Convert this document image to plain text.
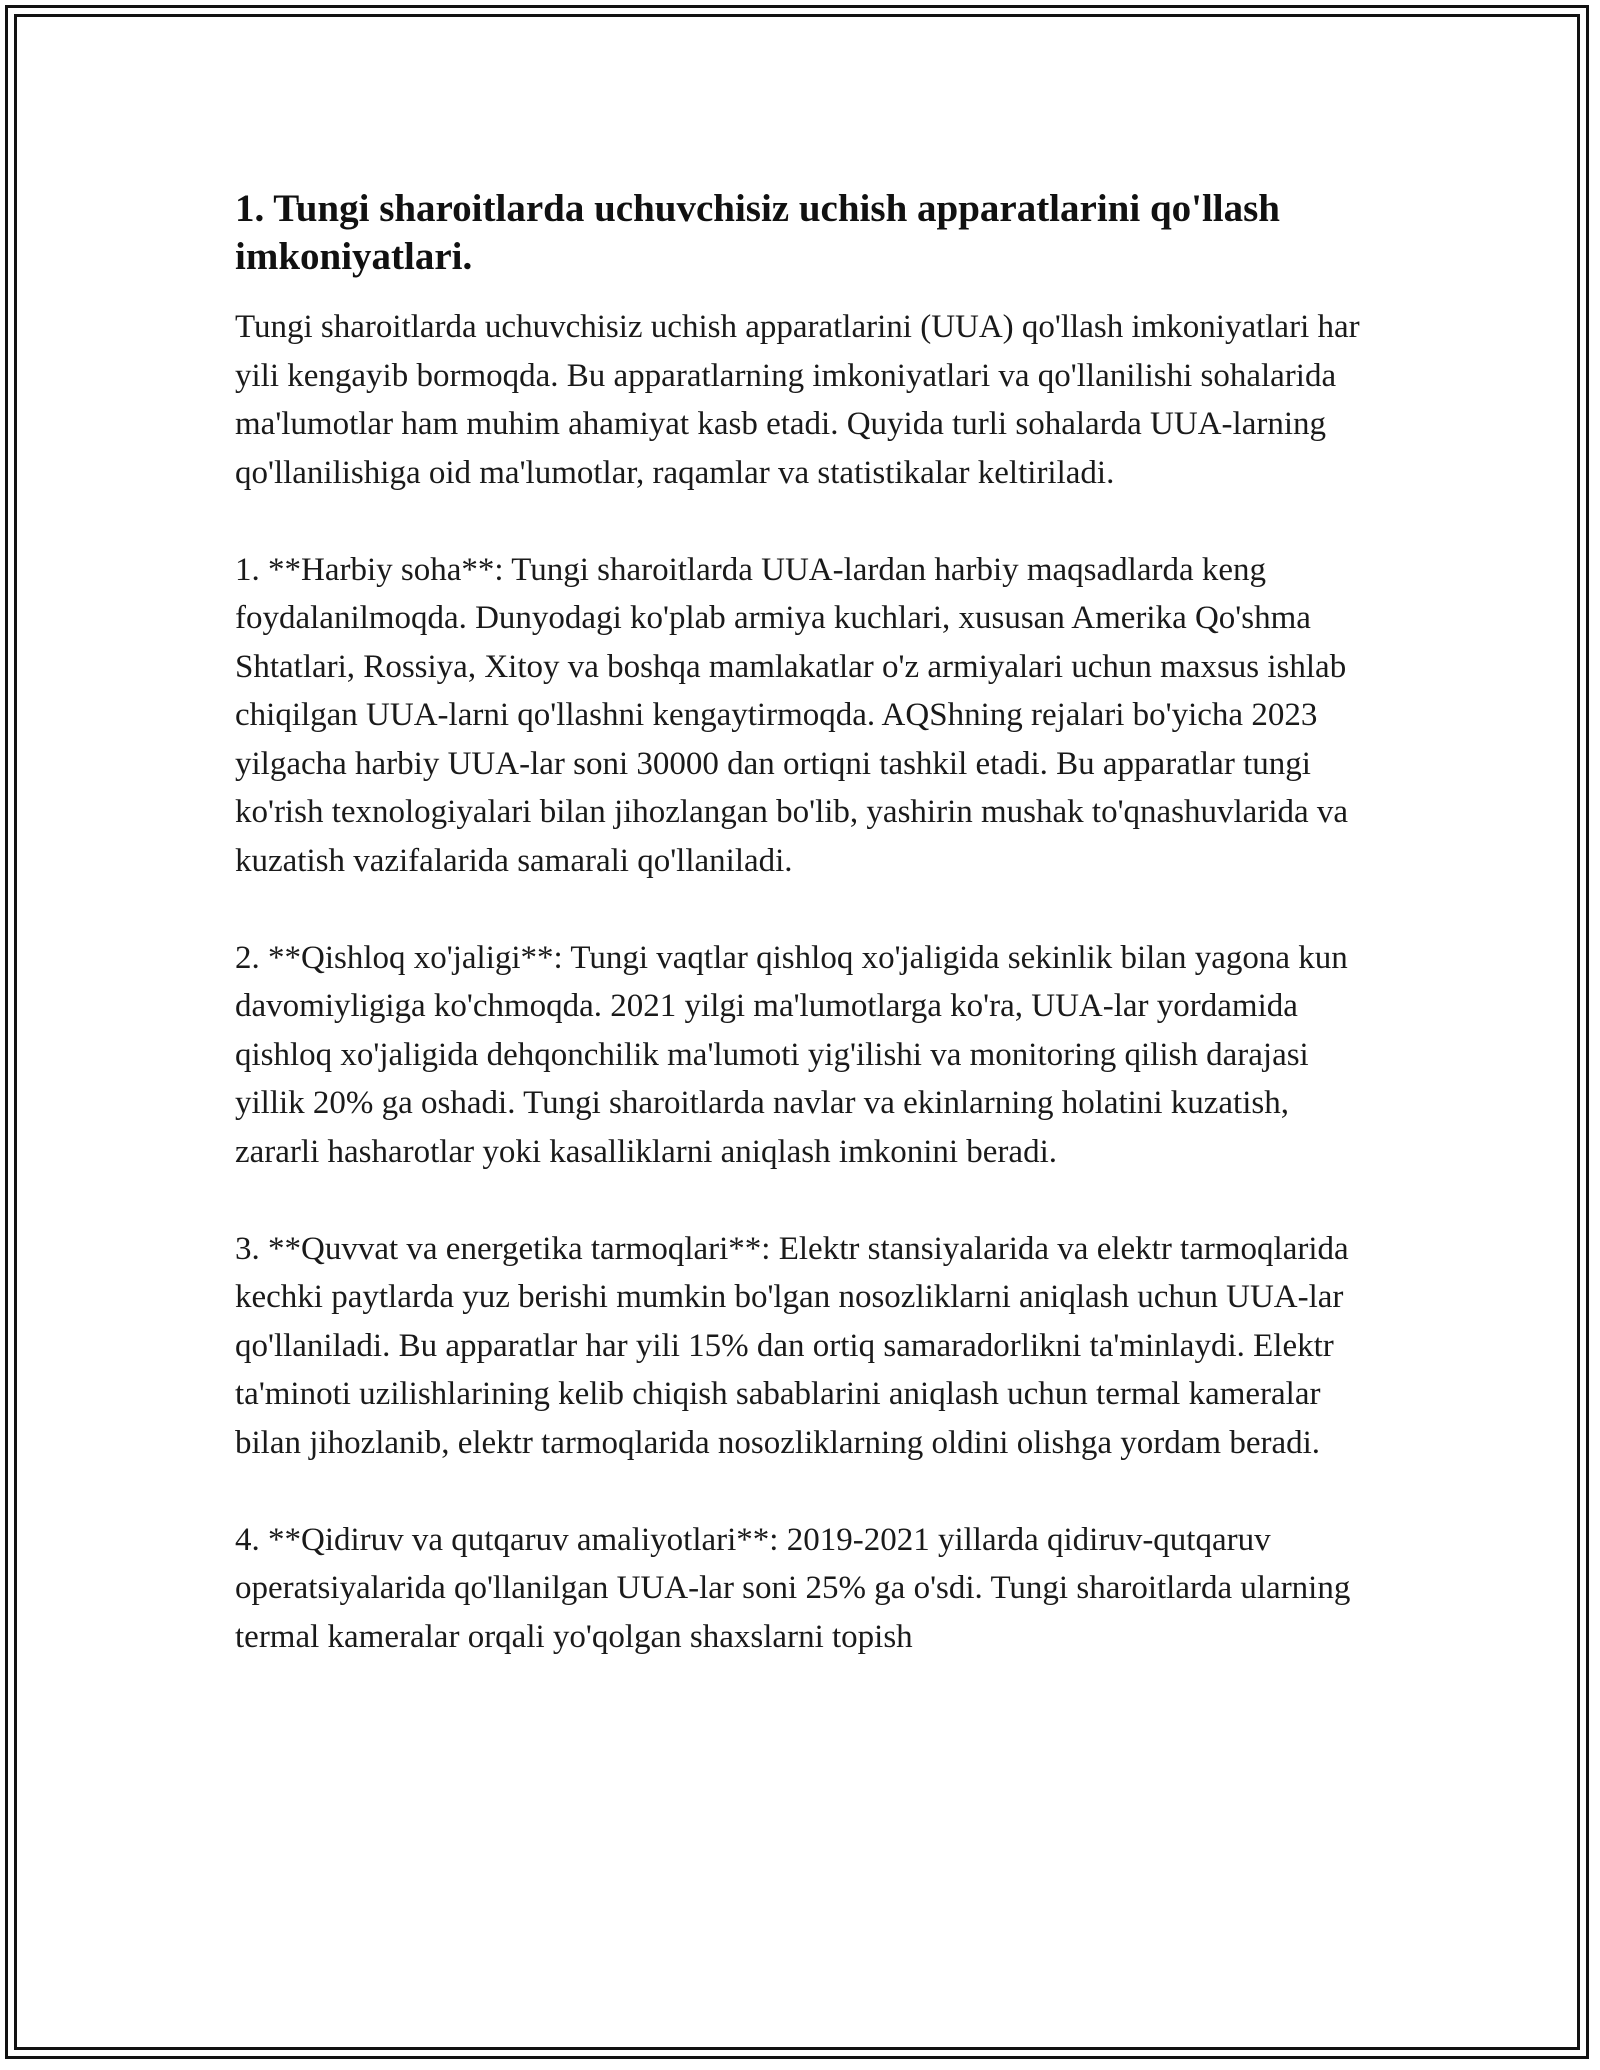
1. Tungi sharoitlarda uchuvchisiz uchish apparatlarini qo'llash imkoniyatlari.

Tungi sharoitlarda uchuvchisiz uchish apparatlarini (UUA) qo'llash imkoniyatlari har yili kengayib bormoqda. Bu apparatlarning imkoniyatlari va qo'llanilishi sohalarida ma'lumotlar ham muhim ahamiyat kasb etadi. Quyida turli sohalarda UUA-larning qo'llanilishiga oid ma'lumotlar, raqamlar va statistikalar keltiriladi.

1. **Harbiy soha**: Tungi sharoitlarda UUA-lardan harbiy maqsadlarda keng foydalanilmoqda. Dunyodagi ko'plab armiya kuchlari, xususan Amerika Qo'shma Shtatlari, Rossiya, Xitoy va boshqa mamlakatlar o'z armiyalari uchun maxsus ishlab chiqilgan UUA-larni qo'llashni kengaytirmoqda. AQShning rejalari bo'yicha 2023 yilgacha harbiy UUA-lar soni 30000 dan ortiqni tashkil etadi. Bu apparatlar tungi ko'rish texnologiyalari bilan jihozlangan bo'lib, yashirin mushak to'qnashuvlarida va kuzatish vazifalarida samarali qo'llaniladi.

2. **Qishloq xo'jaligi**: Tungi vaqtlar qishloq xo'jaligida sekinlik bilan yagona kun davomiyligiga ko'chmoqda. 2021 yilgi ma'lumotlarga ko'ra, UUA-lar yordamida qishloq xo'jaligida dehqonchilik ma'lumoti yig'ilishi va monitoring qilish darajasi yillik 20% ga oshadi. Tungi sharoitlarda navlar va ekinlarning holatini kuzatish, zararli hasharotlar yoki kasalliklarni aniqlash imkonini beradi.

3. **Quvvat va energetika tarmoqlari**: Elektr stansiyalarida va elektr tarmoqlarida kechki paytlarda yuz berishi mumkin bo'lgan nosozliklarni aniqlash uchun UUA-lar qo'llaniladi. Bu apparatlar har yili 15% dan ortiq samaradorlikni ta'minlaydi. Elektr ta'minoti uzilishlarining kelib chiqish sabablarini aniqlash uchun termal kameralar bilan jihozlanib, elektr tarmoqlarida nosozliklarning oldini olishga yordam beradi.

4. **Qidiruv va qutqaruv amaliyotlari**: 2019-2021 yillarda qidiruv-qutqaruv operatsiyalarida qo'llanilgan UUA-lar soni 25% ga o'sdi. Tungi sharoitlarda ularning termal kameralar orqali yo'qolgan shaxslarni topish
